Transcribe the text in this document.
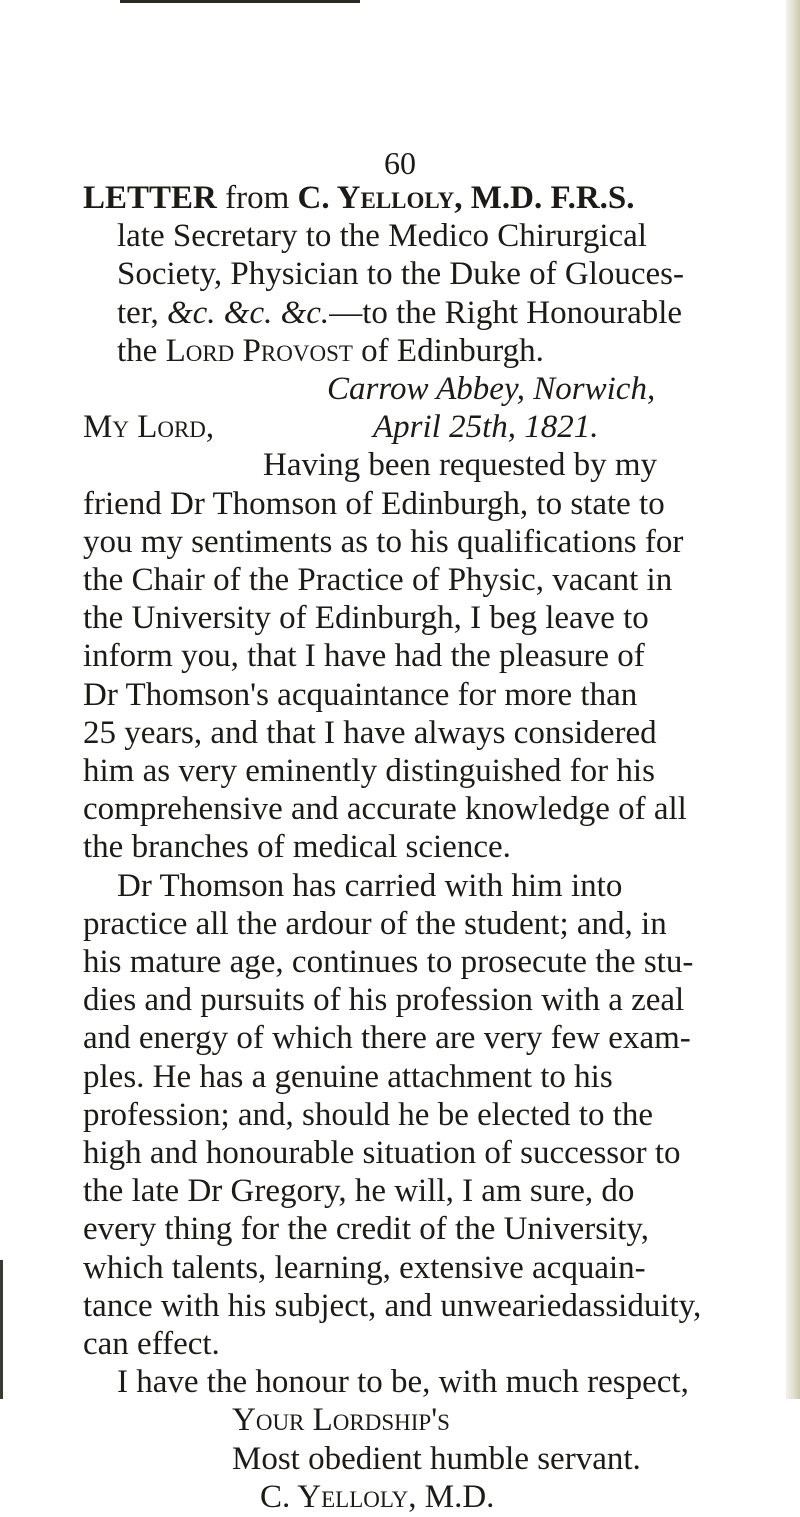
60
LETTER from C. Yelloly, M.D. F.R.S.
late Secretary to the Medico Chirurgical
Society, Physician to the Duke of Glouces-
ter, &c. &c. &c.—to the Right Honourable
the Lord Provost of Edinburgh.
Carrow Abbey, Norwich,
My Lord,	April 25th, 1821.
Having been requested by my
friend Dr Thomson of Edinburgh, to state to
you my sentiments as to his qualifications for
the Chair of the Practice of Physic, vacant in
the University of Edinburgh, I beg leave to
inform you, that I have had the pleasure of
Dr Thomson's acquaintance for more than
25 years, and that I have always considered
him as very eminently distinguished for his
comprehensive and accurate knowledge of all
the branches of medical science.
Dr Thomson has carried with him into
practice all the ardour of the student; and, in
his mature age, continues to prosecute the stu-
dies and pursuits of his profession with a zeal
and energy of which there are very few exam-
ples. He has a genuine attachment to his
profession; and, should he be elected to the
high and honourable situation of successor to
the late Dr Gregory, he will, I am sure, do
every thing for the credit of the University,
which talents, learning, extensive acquain-
tance with his subject, and unweariedassiduity,
can effect.
I have the honour to be, with much respect,
Your Lordship's
Most obedient humble servant.
C. Yelloly, M.D.
